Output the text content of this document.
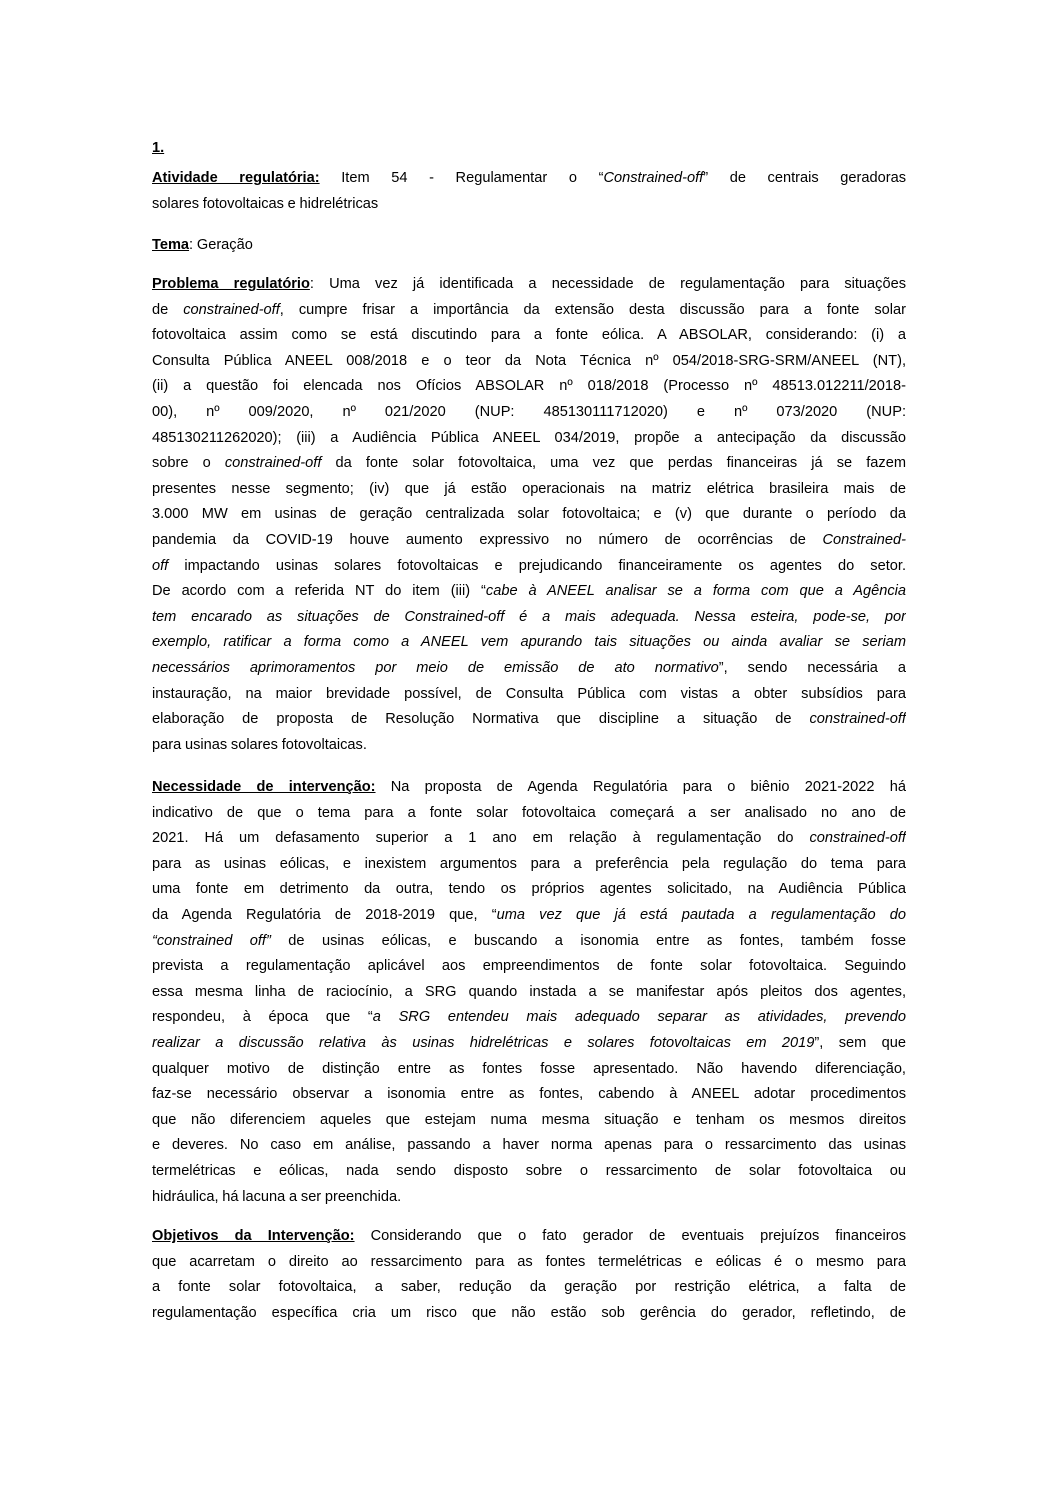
1.
Atividade regulatória: Item 54 - Regulamentar o “Constrained-off” de centrais geradoras
solares fotovoltaicas e hidrelétricas
Tema: Geração
Problema regulatório: Uma vez já identificada a necessidade de regulamentação para situações
de constrained-off, cumpre frisar a importância da extensão desta discussão para a fonte solar
fotovoltaica assim como se está discutindo para a fonte eólica. A ABSOLAR, considerando: (i) a
Consulta Pública ANEEL 008/2018 e o teor da Nota Técnica nº 054/2018-SRG-SRM/ANEEL (NT),
(ii) a questão foi elencada nos Ofícios ABSOLAR nº 018/2018 (Processo nº 48513.012211/2018-
00), nº 009/2020, nº 021/2020 (NUP: 485130111712020) e nº 073/2020 (NUP:
485130211262020); (iii) a Audiência Pública ANEEL 034/2019, propõe a antecipação da discussão
sobre o constrained-off da fonte solar fotovoltaica, uma vez que perdas financeiras já se fazem
presentes nesse segmento; (iv) que já estão operacionais na matriz elétrica brasileira mais de
3.000 MW em usinas de geração centralizada solar fotovoltaica; e (v) que durante o período da
pandemia da COVID-19 houve aumento expressivo no número de ocorrências de Constrained-
off impactando usinas solares fotovoltaicas e prejudicando financeiramente os agentes do setor.
De acordo com a referida NT do item (iii) “cabe à ANEEL analisar se a forma com que a Agência
tem encarado as situações de Constrained-off é a mais adequada. Nessa esteira, pode-se, por
exemplo, ratificar a forma como a ANEEL vem apurando tais situações ou ainda avaliar se seriam
necessários aprimoramentos por meio de emissão de ato normativo”, sendo necessária a
instauração, na maior brevidade possível, de Consulta Pública com vistas a obter subsídios para
elaboração de proposta de Resolução Normativa que discipline a situação de constrained-off
para usinas solares fotovoltaicas.
Necessidade de intervenção: Na proposta de Agenda Regulatória para o biênio 2021-2022 há
indicativo de que o tema para a fonte solar fotovoltaica começará a ser analisado no ano de
2021. Há um defasamento superior a 1 ano em relação à regulamentação do constrained-off
para as usinas eólicas, e inexistem argumentos para a preferência pela regulação do tema para
uma fonte em detrimento da outra, tendo os próprios agentes solicitado, na Audiência Pública
da Agenda Regulatória de 2018-2019 que, “uma vez que já está pautada a regulamentação do
“constrained off” de usinas eólicas, e buscando a isonomia entre as fontes, também fosse
prevista a regulamentação aplicável aos empreendimentos de fonte solar fotovoltaica. Seguindo
essa mesma linha de raciocínio, a SRG quando instada a se manifestar após pleitos dos agentes,
respondeu, à época que “a SRG entendeu mais adequado separar as atividades, prevendo
realizar a discussão relativa às usinas hidrelétricas e solares fotovoltaicas em 2019”, sem que
qualquer motivo de distinção entre as fontes fosse apresentado. Não havendo diferenciação,
faz-se necessário observar a isonomia entre as fontes, cabendo à ANEEL adotar procedimentos
que não diferenciem aqueles que estejam numa mesma situação e tenham os mesmos direitos
e deveres. No caso em análise, passando a haver norma apenas para o ressarcimento das usinas
termelétricas e eólicas, nada sendo disposto sobre o ressarcimento de solar fotovoltaica ou
hidráulica, há lacuna a ser preenchida.
Objetivos da Intervenção: Considerando que o fato gerador de eventuais prejuízos financeiros
que acarretam o direito ao ressarcimento para as fontes termelétricas e eólicas é o mesmo para
a fonte solar fotovoltaica, a saber, redução da geração por restrição elétrica, a falta de
regulamentação específica cria um risco que não estão sob gerência do gerador, refletindo, de
